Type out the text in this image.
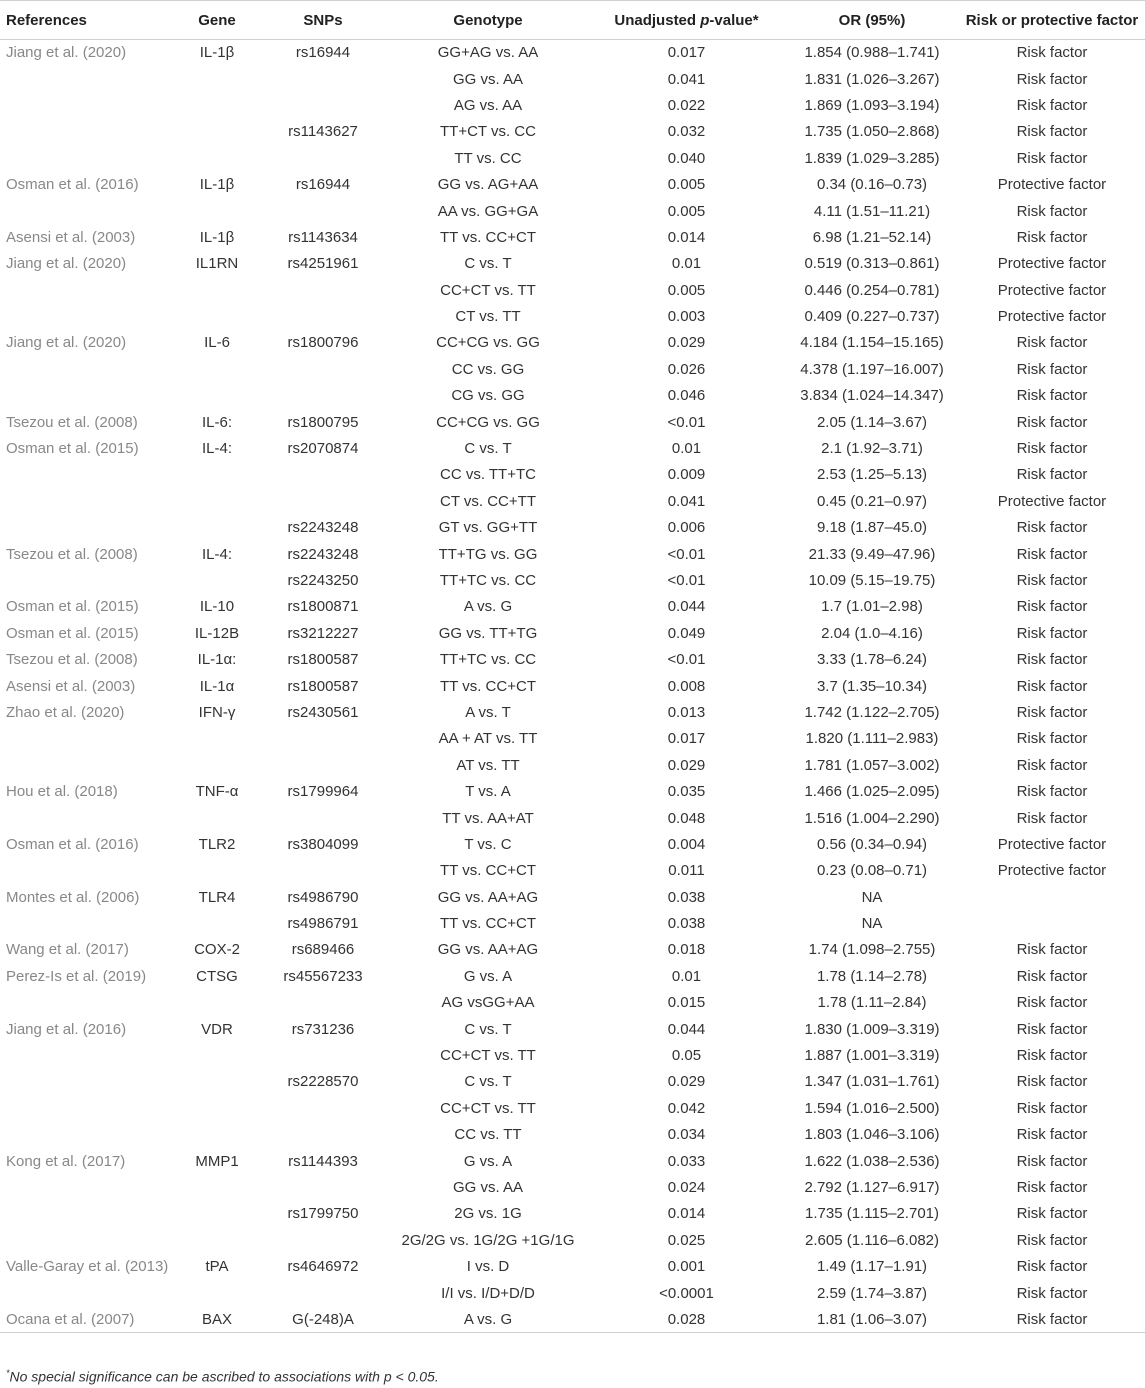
References	Gene	SNPs	Genotype	Unadjusted p-value*	OR (95%)	Risk or protective factor
Jiang et al. (2020)	IL-1β	rs16944	GG+AG vs. AA	0.017	1.854 (0.988–1.741)	Risk factor
			GG vs. AA	0.041	1.831 (1.026–3.267)	Risk factor
			AG vs. AA	0.022	1.869 (1.093–3.194)	Risk factor
		rs1143627	TT+CT vs. CC	0.032	1.735 (1.050–2.868)	Risk factor
			TT vs. CC	0.040	1.839 (1.029–3.285)	Risk factor
Osman et al. (2016)	IL-1β	rs16944	GG vs. AG+AA	0.005	0.34 (0.16–0.73)	Protective factor
			AA vs. GG+GA	0.005	4.11 (1.51–11.21)	Risk factor
Asensi et al. (2003)	IL-1β	rs1143634	TT vs. CC+CT	0.014	6.98 (1.21–52.14)	Risk factor
Jiang et al. (2020)	IL1RN	rs4251961	C vs. T	0.01	0.519 (0.313–0.861)	Protective factor
			CC+CT vs. TT	0.005	0.446 (0.254–0.781)	Protective factor
			CT vs. TT	0.003	0.409 (0.227–0.737)	Protective factor
Jiang et al. (2020)	IL-6	rs1800796	CC+CG vs. GG	0.029	4.184 (1.154–15.165)	Risk factor
			CC vs. GG	0.026	4.378 (1.197–16.007)	Risk factor
			CG vs. GG	0.046	3.834 (1.024–14.347)	Risk factor
Tsezou et al. (2008)	IL-6:	rs1800795	CC+CG vs. GG	<0.01	2.05 (1.14–3.67)	Risk factor
Osman et al. (2015)	IL-4:	rs2070874	C vs. T	0.01	2.1 (1.92–3.71)	Risk factor
			CC vs. TT+TC	0.009	2.53 (1.25–5.13)	Risk factor
			CT vs. CC+TT	0.041	0.45 (0.21–0.97)	Protective factor
		rs2243248	GT vs. GG+TT	0.006	9.18 (1.87–45.0)	Risk factor
Tsezou et al. (2008)	IL-4:	rs2243248	TT+TG vs. GG	<0.01	21.33 (9.49–47.96)	Risk factor
		rs2243250	TT+TC vs. CC	<0.01	10.09 (5.15–19.75)	Risk factor
Osman et al. (2015)	IL-10	rs1800871	A vs. G	0.044	1.7 (1.01–2.98)	Risk factor
Osman et al. (2015)	IL-12B	rs3212227	GG vs. TT+TG	0.049	2.04 (1.0–4.16)	Risk factor
Tsezou et al. (2008)	IL-1α:	rs1800587	TT+TC vs. CC	<0.01	3.33 (1.78–6.24)	Risk factor
Asensi et al. (2003)	IL-1α	rs1800587	TT vs. CC+CT	0.008	3.7 (1.35–10.34)	Risk factor
Zhao et al. (2020)	IFN-γ	rs2430561	A vs. T	0.013	1.742 (1.122–2.705)	Risk factor
			AA + AT vs. TT	0.017	1.820 (1.111–2.983)	Risk factor
			AT vs. TT	0.029	1.781 (1.057–3.002)	Risk factor
Hou et al. (2018)	TNF-α	rs1799964	T vs. A	0.035	1.466 (1.025–2.095)	Risk factor
			TT vs. AA+AT	0.048	1.516 (1.004–2.290)	Risk factor
Osman et al. (2016)	TLR2	rs3804099	T vs. C	0.004	0.56 (0.34–0.94)	Protective factor
			TT vs. CC+CT	0.011	0.23 (0.08–0.71)	Protective factor
Montes et al. (2006)	TLR4	rs4986790	GG vs. AA+AG	0.038	NA	
		rs4986791	TT vs. CC+CT	0.038	NA	
Wang et al. (2017)	COX-2	rs689466	GG vs. AA+AG	0.018	1.74 (1.098–2.755)	Risk factor
Perez-Is et al. (2019)	CTSG	rs45567233	G vs. A	0.01	1.78 (1.14–2.78)	Risk factor
			AG vsGG+AA	0.015	1.78 (1.11–2.84)	Risk factor
Jiang et al. (2016)	VDR	rs731236	C vs. T	0.044	1.830 (1.009–3.319)	Risk factor
			CC+CT vs. TT	0.05	1.887 (1.001–3.319)	Risk factor
		rs2228570	C vs. T	0.029	1.347 (1.031–1.761)	Risk factor
			CC+CT vs. TT	0.042	1.594 (1.016–2.500)	Risk factor
			CC vs. TT	0.034	1.803 (1.046–3.106)	Risk factor
Kong et al. (2017)	MMP1	rs1144393	G vs. A	0.033	1.622 (1.038–2.536)	Risk factor
			GG vs. AA	0.024	2.792 (1.127–6.917)	Risk factor
		rs1799750	2G vs. 1G	0.014	1.735 (1.115–2.701)	Risk factor
			2G/2G vs. 1G/2G +1G/1G	0.025	2.605 (1.116–6.082)	Risk factor
Valle-Garay et al. (2013)	tPA	rs4646972	I vs. D	0.001	1.49 (1.17–1.91)	Risk factor
			I/I vs. I/D+D/D	<0.0001	2.59 (1.74–3.87)	Risk factor
Ocana et al. (2007)	BAX	G(-248)A	A vs. G	0.028	1.81 (1.06–3.07)	Risk factor
*No special significance can be ascribed to associations with p < 0.05.
